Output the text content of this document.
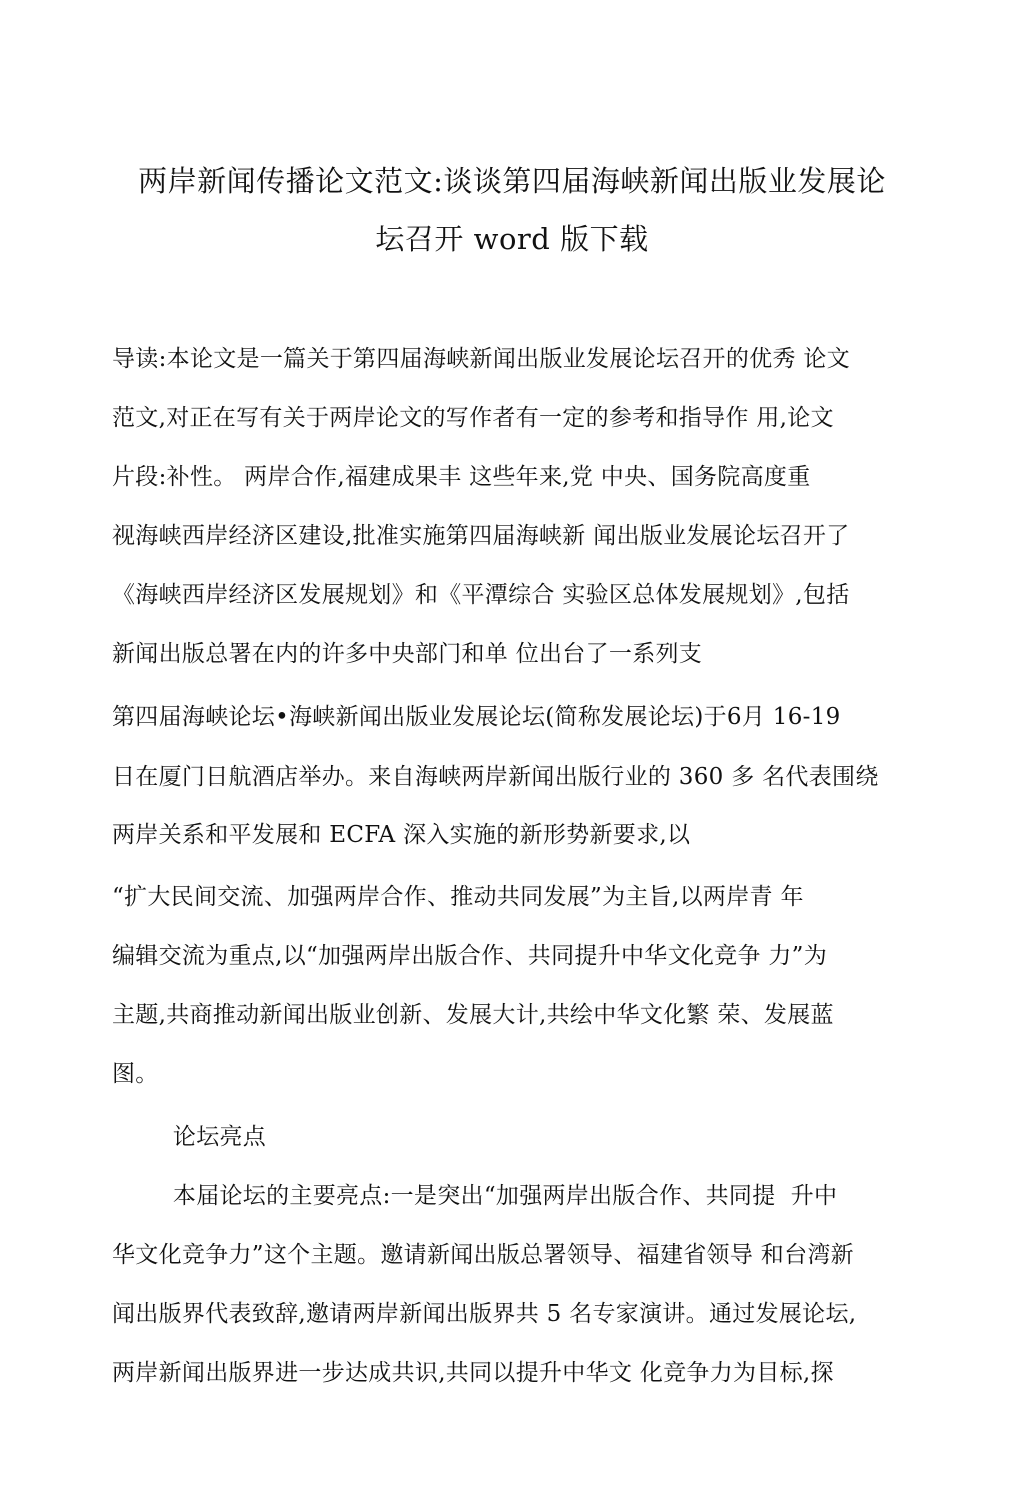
两岸新闻传播论文范文:谈谈第四届海峡新闻出版业发展论
坛召开 word 版下载
导读:本论文是一篇关于第四届海峡新闻出版业发展论坛召开的优秀 论文
范文,对正在写有关于两岸论文的写作者有一定的参考和指导作 用,论文
片段:补性。 两岸合作,福建成果丰 这些年来,党 中央、国务院高度重
视海峡西岸经济区建设,批准实施第四届海峡新 闻出版业发展论坛召开了
《海峡西岸经济区发展规划》和《平潭综合 实验区总体发展规划》,包括
新闻出版总署在内的许多中央部门和单 位出台了一系列支
第四届海峡论坛•海峡新闻出版业发展论坛(简称发展论坛)于6月 16-19
日在厦门日航酒店举办。来自海峡两岸新闻出版行业的 360 多 名代表围绕
两岸关系和平发展和 ECFA 深入实施的新形势新要求,以
“扩大民间交流、加强两岸合作、推动共同发展”为主旨,以两岸青 年
编辑交流为重点,以“加强两岸出版合作、共同提升中华文化竞争 力”为
主题,共商推动新闻出版业创新、发展大计,共绘中华文化繁 荣、发展蓝
图。
论坛亮点
本届论坛的主要亮点:一是突出“加强两岸出版合作、共同提  升中
华文化竞争力”这个主题。邀请新闻出版总署领导、福建省领导 和台湾新
闻出版界代表致辞,邀请两岸新闻出版界共 5 名专家演讲。通过发展论坛,
两岸新闻出版界进一步达成共识,共同以提升中华文 化竞争力为目标,探
